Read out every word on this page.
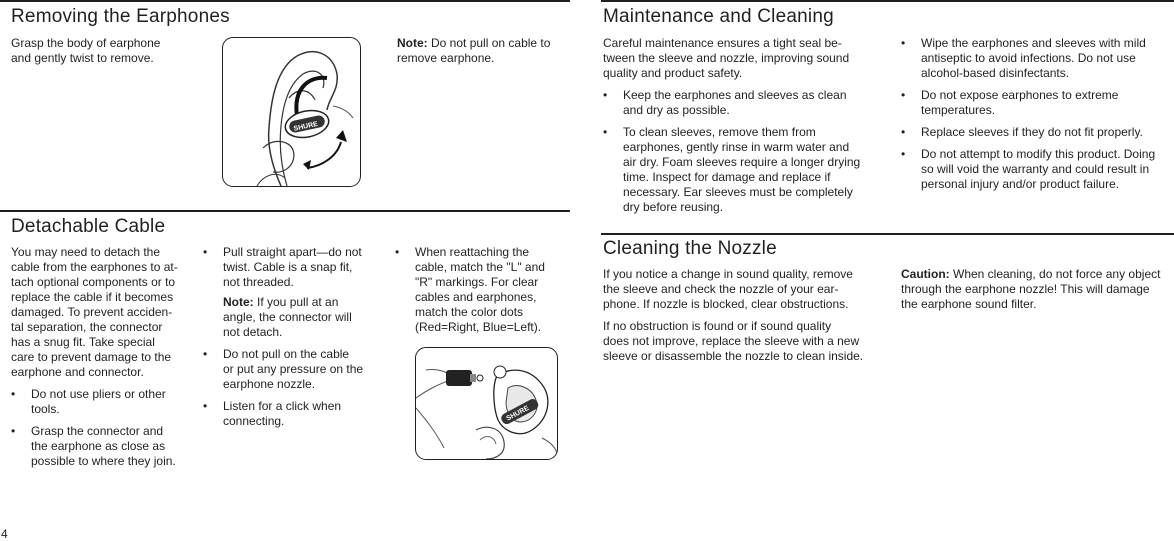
Removing the Earphones
Grasp the body of earphone
and gently twist to remove.
SHURE
Note: Do not pull on cable to
remove earphone.
Detachable Cable

You may need to detach the
cable from the earphones to at-
tach optional components or to
replace the cable if it becomes
damaged. To prevent acciden-
tal separation, the connector
has a snug fit. Take special
care to prevent damage to the
earphone and connector.

• Do not use pliers or other
tools.
• Grasp the connector and
the earphone as close as
possible to where they join.
• Pull straight apart—do not
twist. Cable is a snap fit,
not threaded.

Note: If you pull at an
angle, the connector will
not detach.

• Do not pull on the cable
or put any pressure on the
earphone nozzle.
• Listen for a click when
connecting.
• When reattaching the
cable, match the "L" and
"R" markings. For clear
cables and earphones,
match the color dots
(Red=Right, Blue=Left).
SHURE
Maintenance and Cleaning

Careful maintenance ensures a tight seal be-
tween the sleeve and nozzle, improving sound
quality and product safety.

• Keep the earphones and sleeves as clean
and dry as possible.
• To clean sleeves, remove them from
earphones, gently rinse in warm water and
air dry. Foam sleeves require a longer drying
time. Inspect for damage and replace if
necessary. Ear sleeves must be completely
dry before reusing.
• Wipe the earphones and sleeves with mild
antiseptic to avoid infections. Do not use
alcohol-based disinfectants.
• Do not expose earphones to extreme
temperatures.
• Replace sleeves if they do not fit properly.
• Do not attempt to modify this product. Doing
so will void the warranty and could result in
personal injury and/or product failure.
Cleaning the Nozzle

If you notice a change in sound quality, remove
the sleeve and check the nozzle of your ear-
phone. If nozzle is blocked, clear obstructions.

If no obstruction is found or if sound quality
does not improve, replace the sleeve with a new
sleeve or disassemble the nozzle to clean inside.

Caution: When cleaning, do not force any object
through the earphone nozzle! This will damage
the earphone sound filter.
4
